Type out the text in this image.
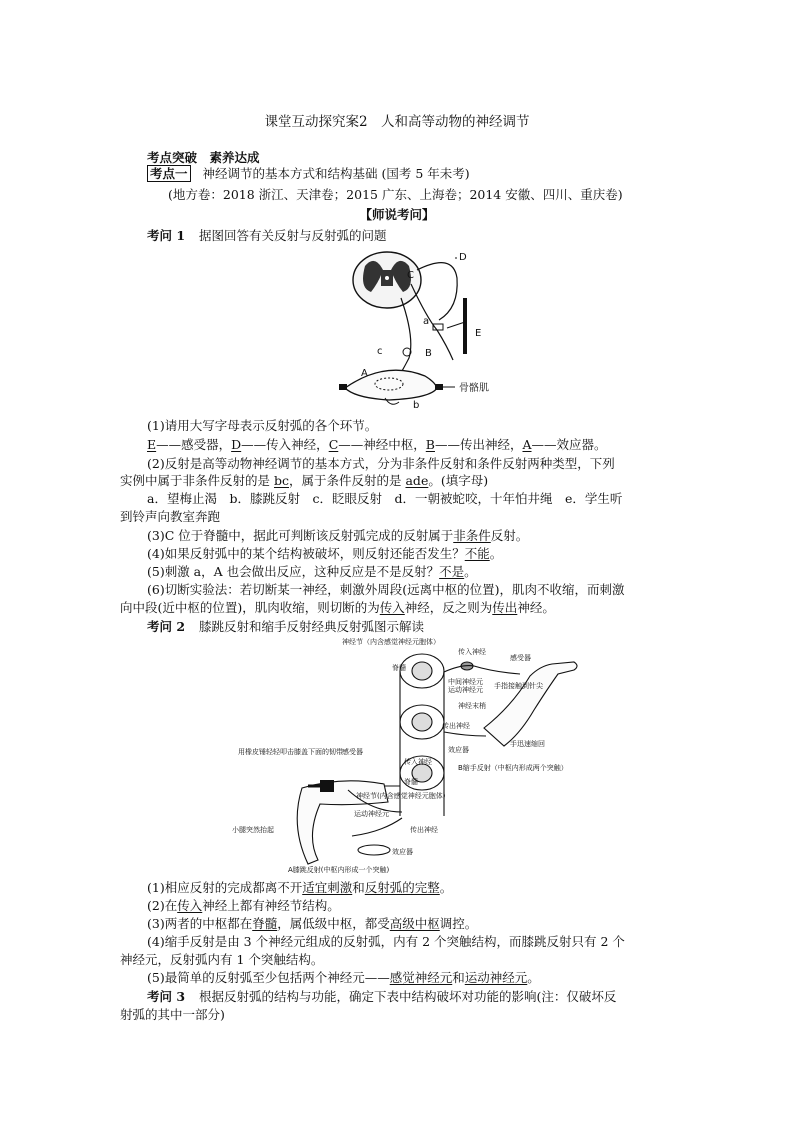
课堂互动探究案2　人和高等动物的神经调节
考点突破　素养达成
考点一 神经调节的基本方式和结构基础 (国考 5 年未考)
(地方卷：2018 浙江、天津卷；2015 广东、上海卷；2014 安徽、四川、重庆卷)
【师说考问】
考问 1 据图回答有关反射与反射弧的问题
C
D
E
B
A
a
b
c
骨骼肌
(1)请用大写字母表示反射弧的各个环节。
E——感受器，D——传入神经，C——神经中枢，B——传出神经，A——效应器。
(2)反射是高等动物神经调节的基本方式，分为非条件反射和条件反射两种类型，下列
实例中属于非条件反射的是 bc，属于条件反射的是 ade。(填字母)
a．望梅止渴　b．膝跳反射　c．眨眼反射　d．一朝被蛇咬，十年怕井绳　e．学生听
到铃声向教室奔跑
(3)C 位于脊髓中，据此可判断该反射弧完成的反射属于非条件反射。
(4)如果反射弧中的某个结构被破坏，则反射还能否发生？不能。
(5)刺激 a，A 也会做出反应，这种反应是不是反射？不是。
(6)切断实验法：若切断某一神经，刺激外周段(远离中枢的位置)，肌肉不收缩，而刺激
向中段(近中枢的位置)，肌肉收缩，则切断的为传入神经，反之则为传出神经。
考问 2 膝跳反射和缩手反射经典反射弧图示解读
神经节（内含感觉神经元胞体）
脊髓
传入神经
感受器
中间神经元
运动神经元 手指接触到针尖
神经末梢
传出神经
效应器
手迅速缩回
B缩手反射（中枢内形成两个突触）
传入神经
脊髓
用橡皮锤轻轻叩击膝盖下面的韧带 感受器
神经节(内含感觉神经元胞体)
运动神经元
小腿突然抬起	传出神经
效应器
A膝跳反射(中枢内形成一个突触)
(1)相应反射的完成都离不开适宜刺激和反射弧的完整。
(2)在传入神经上都有神经节结构。
(3)两者的中枢都在脊髓，属低级中枢，都受高级中枢调控。
(4)缩手反射是由 3 个神经元组成的反射弧，内有 2 个突触结构，而膝跳反射只有 2 个
神经元，反射弧内有 1 个突触结构。
(5)最简单的反射弧至少包括两个神经元——感觉神经元和运动神经元。
考问 3 根据反射弧的结构与功能，确定下表中结构破坏对功能的影响(注：仅破坏反
射弧的其中一部分)
